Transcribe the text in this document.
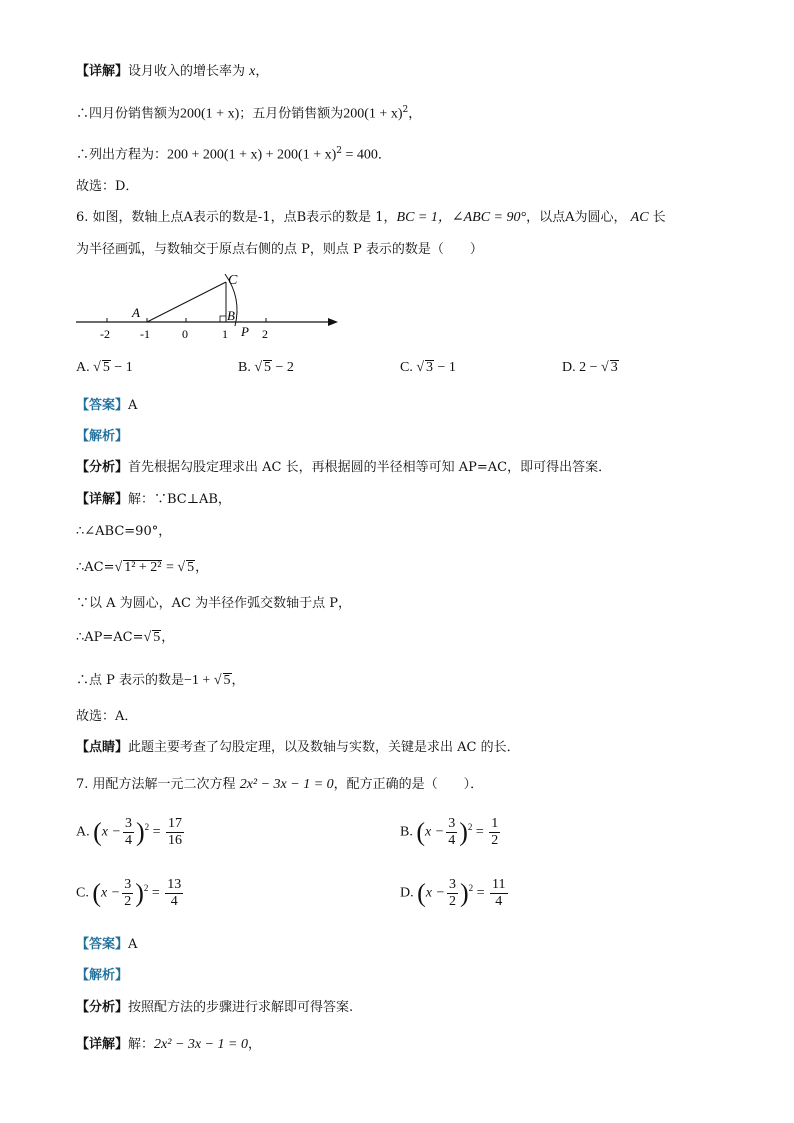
【详解】设月收入的增长率为 x，
∴四月份销售额为200(1 + x)；五月份销售额为$200(1 + x)^2$，
∴列出方程为：$200 + 200(1 + x) + 200(1 + x)^2 = 400$．
故选：D．
6. 如图，数轴上点A表示的数是-1，点B表示的数是 1，BC = 1，∠ABC = 90°，以点A为圆心， AC 长
为半径画弧，与数轴交于原点右侧的点 P，则点 P 表示的数是（　　）
-2	-1	0	1	2
A	B
C
P
A. √ 5 − 1	B. √ 5 − 2	C. √ 3 − 1	D. 2 − √ 3
【答案】A
【解析】
【分析】首先根据勾股定理求出 AC 长，再根据圆的半径相等可知 AP=AC，即可得出答案．
【详解】解：∵BC⊥AB，
∴∠ABC=90°，
∴AC=√ 1² + 2² = √ 5，
∵以 A 为圆心，AC 为半径作弧交数轴于点 P，
∴AP=AC=√ 5，
∴点 P 表示的数是−1 + √ 5，
故选：A．
【点睛】此题主要考查了勾股定理，以及数轴与实数，关键是求出 AC 的长．
7. 用配方法解一元二次方程 2x² − 3x − 1 = 0，配方正确的是（　　）．
A. $(x - \frac{3}{4} )^2 = \frac{17}{16}$	B. $(x - \frac{3}{4} )^2 = \frac{1}{2}$
C. $(x - \frac{3}{2} )^2 = \frac{13}{4}$	D. $(x - \frac{3}{2} )^2 = \frac{11}{4}$
【答案】A
【解析】
【分析】按照配方法的步骤进行求解即可得答案.
【详解】解：2x² − 3x − 1 = 0，
